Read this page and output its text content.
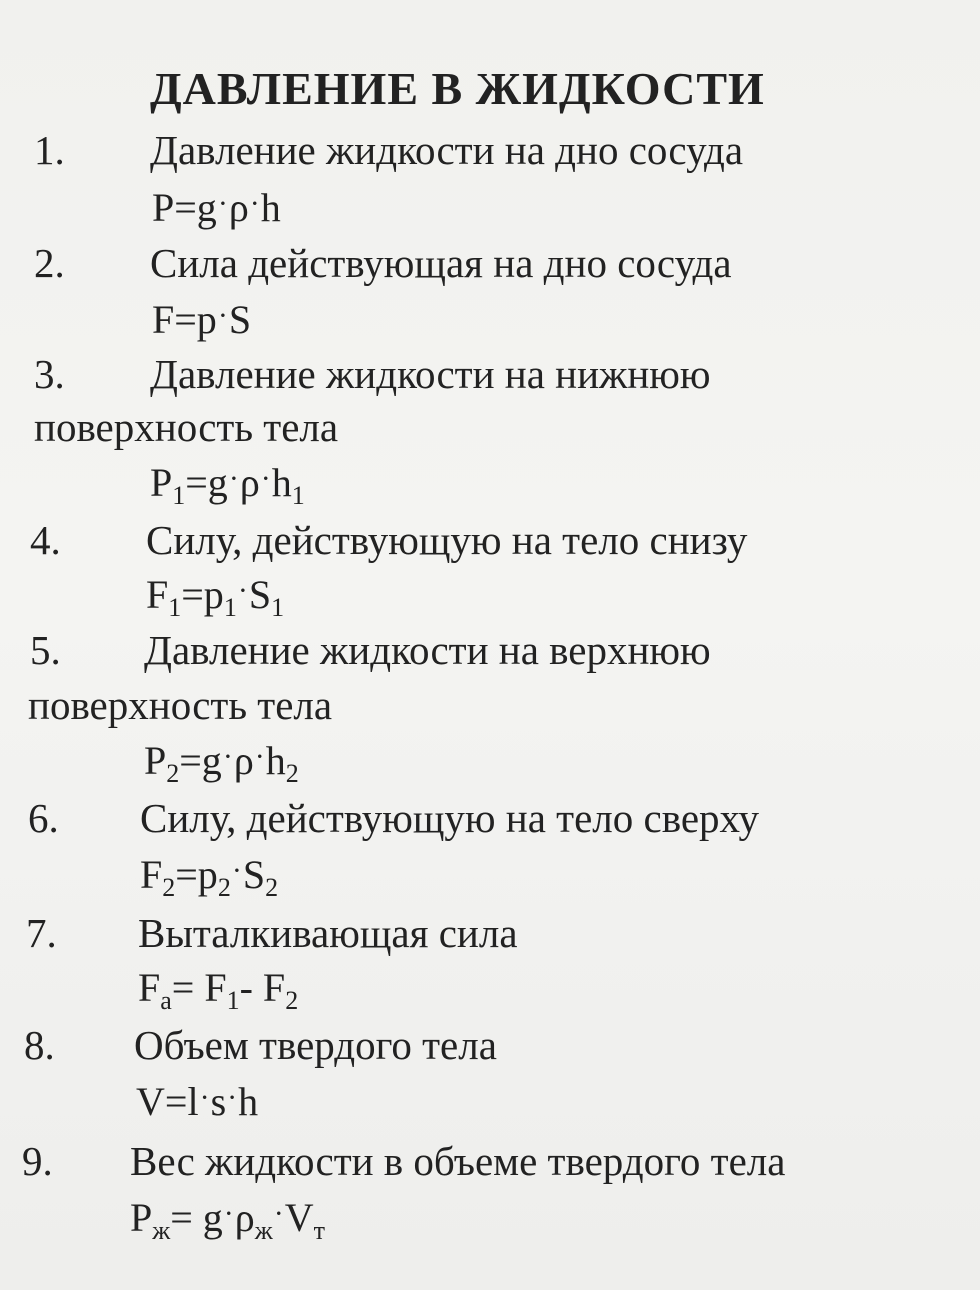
ДАВЛЕНИЕ В ЖИДКОСТИ
1. Давление жидкости на дно сосуда
P=g·ρ·h
2. Сила действующая на дно сосуда
F=p·S
3. Давление жидкости на нижнюю
поверхность тела
$P_1=g^\cdot\rho^\cdot h_1$
4. Силу, действующую на тело снизу
$F_1=p_1^\cdot S_1$
5. Давление жидкости на верхнюю
поверхность тела
$P_2=g^\cdot\rho^\cdot h_2$
6. Силу, действующую на тело сверху
$F_2=p_2^\cdot S_2$
7. Выталкивающая сила
$F_a= F_1-$ $F_2$
8. Объем твердого тела
V=l·s·h
9. Вес жидкости в объеме твердого тела
$P_ж= g^\cdot\rho_ж^\cdot V_т$
